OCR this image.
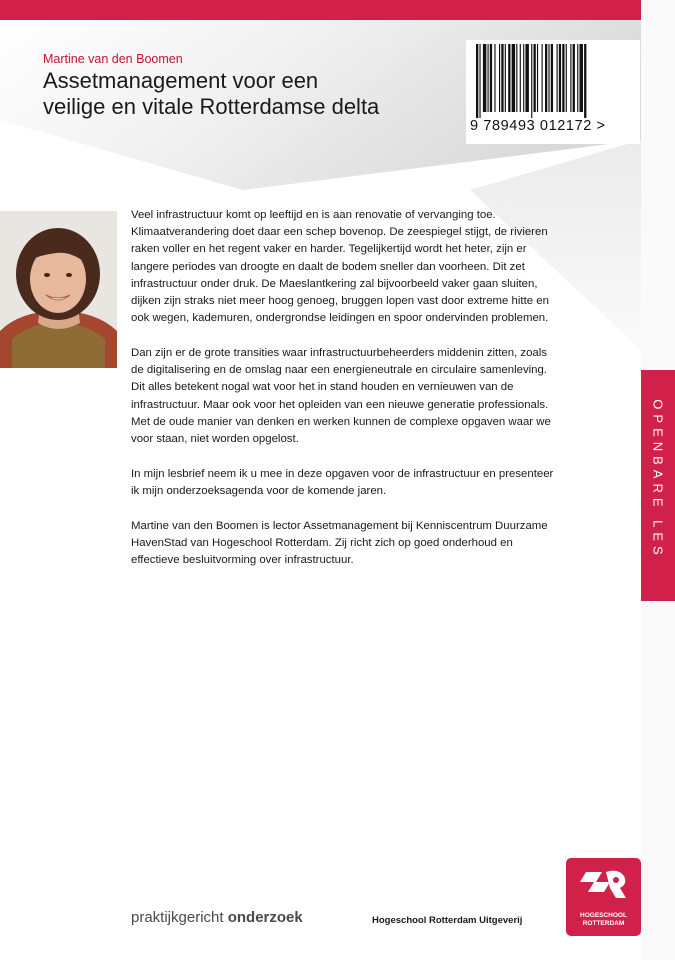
Martine van den Boomen
Assetmanagement voor een
veilige en vitale Rotterdamse delta
9 789493 012172 >

Veel infrastructuur komt op leeftijd en is aan renovatie of vervanging toe. Klimaatverandering doet daar een schep bovenop. De zeespiegel stijgt, de rivieren raken voller en het regent vaker en harder. Tegelijkertijd wordt het heter, zijn er langere periodes van droogte en daalt de bodem sneller dan voorheen. Dit zet infrastructuur onder druk. De Maeslantkering zal bijvoorbeeld vaker gaan sluiten, dijken zijn straks niet meer hoog genoeg, bruggen lopen vast door extreme hitte en ook wegen, kademuren, ondergrondse leidingen en spoor ondervinden problemen.

Dan zijn er de grote transities waar infrastructuurbeheerders middenin zitten, zoals de digitalisering en de omslag naar een energieneutrale en circulaire samenleving. Dit alles betekent nogal wat voor het in stand houden en vernieuwen van de infrastructuur. Maar ook voor het opleiden van een nieuwe generatie professionals. Met de oude manier van denken en werken kunnen de complexe opgaven waar we voor staan, niet worden opgelost.

In mijn lesbrief neem ik u mee in deze opgaven voor de infrastructuur en presenteer ik mijn onderzoeksagenda voor de komende jaren.

Martine van den Boomen is lector Assetmanagement bij Kenniscentrum Duurzame HavenStad van Hogeschool Rotterdam. Zij richt zich op goed onderhoud en effectieve besluitvorming over infrastructuur.

OPENBARE LES
praktijkgericht onderzoek	Hogeschool Rotterdam Uitgeverij	HOGESCHOOL
ROTTERDAM
